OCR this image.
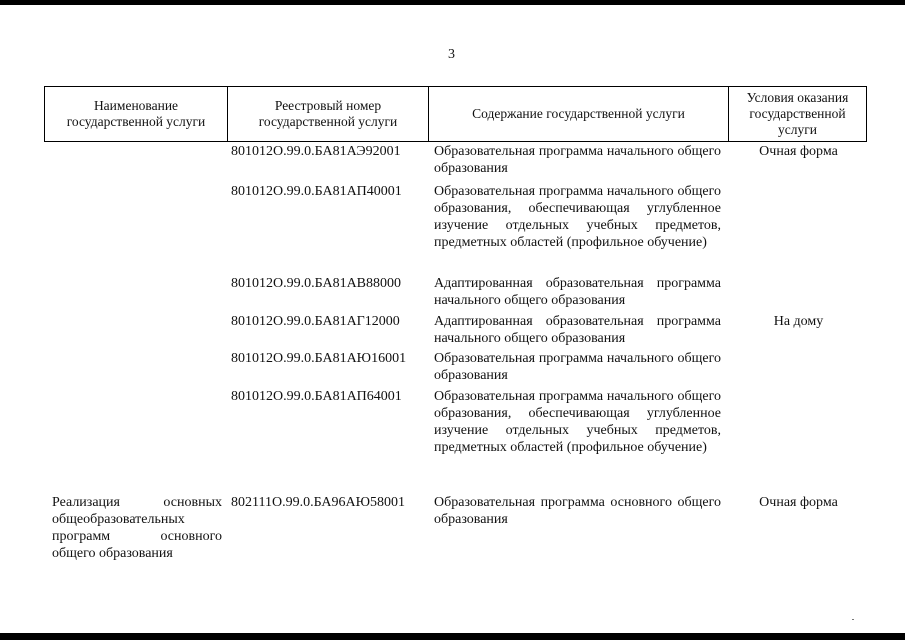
3
Наименование государственной услуги
Реестровый номер государственной услуги
Содержание государственной услуги
Условия оказания государственной услуги
801012О.99.0.БА81АЭ92001 Образовательная программа начального общего образования
Очная форма
801012О.99.0.БА81АП40001 Образовательная программа начального общего образования, обеспечивающая углубленное изучение отдельных учебных предметов, предметных областей (профильное обучение)
801012О.99.0.БА81АВ88000 Адаптированная образовательная программа начального общего образования
801012О.99.0.БА81АГ12000 Адаптированная образовательная программа начального общего образования
На дому
801012О.99.0.БА81АЮ16001 Образовательная программа начального общего образования
801012О.99.0.БА81АП64001 Образовательная программа начального общего образования, обеспечивающая углубленное изучение отдельных учебных предметов, предметных областей (профильное обучение)
Реализация основных общеобразовательных программ основного общего образования
802111О.99.0.БА96АЮ58001 Образовательная программа основного общего образования
Очная форма
